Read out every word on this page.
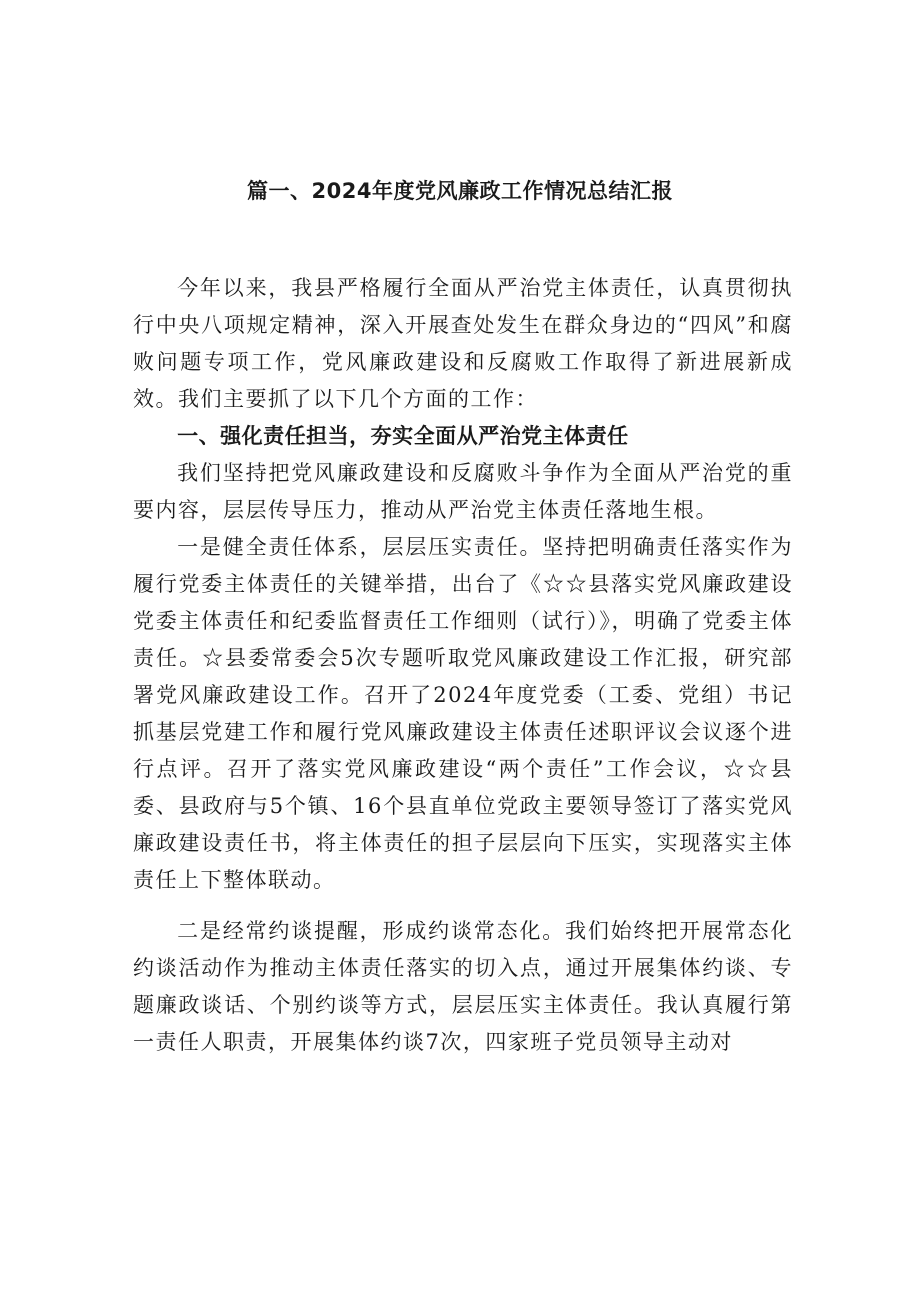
篇一、2024年度党风廉政工作情况总结汇报

今年以来，我县严格履行全面从严治党主体责任，认真贯彻执行中央八项规定精神，深入开展查处发生在群众身边的“四风”和腐败问题专项工作，党风廉政建设和反腐败工作取得了新进展新成效。我们主要抓了以下几个方面的工作：

一、强化责任担当，夯实全面从严治党主体责任

我们坚持把党风廉政建设和反腐败斗争作为全面从严治党的重要内容，层层传导压力，推动从严治党主体责任落地生根。

一是健全责任体系，层层压实责任。坚持把明确责任落实作为履行党委主体责任的关键举措，出台了《☆☆县落实党风廉政建设党委主体责任和纪委监督责任工作细则（试行）》，明确了党委主体责任。☆县委常委会5次专题听取党风廉政建设工作汇报，研究部署党风廉政建设工作。召开了2024年度党委（工委、党组）书记抓基层党建工作和履行党风廉政建设主体责任述职评议会议逐个进行点评。召开了落实党风廉政建设“两个责任”工作会议，☆☆县委、县政府与5个镇、16个县直单位党政主要领导签订了落实党风廉政建设责任书，将主体责任的担子层层向下压实，实现落实主体责任上下整体联动。

二是经常约谈提醒，形成约谈常态化。我们始终把开展常态化约谈活动作为推动主体责任落实的切入点，通过开展集体约谈、专题廉政谈话、个别约谈等方式，层层压实主体责任。我认真履行第一责任人职责，开展集体约谈7次，四家班子党员领导主动对
